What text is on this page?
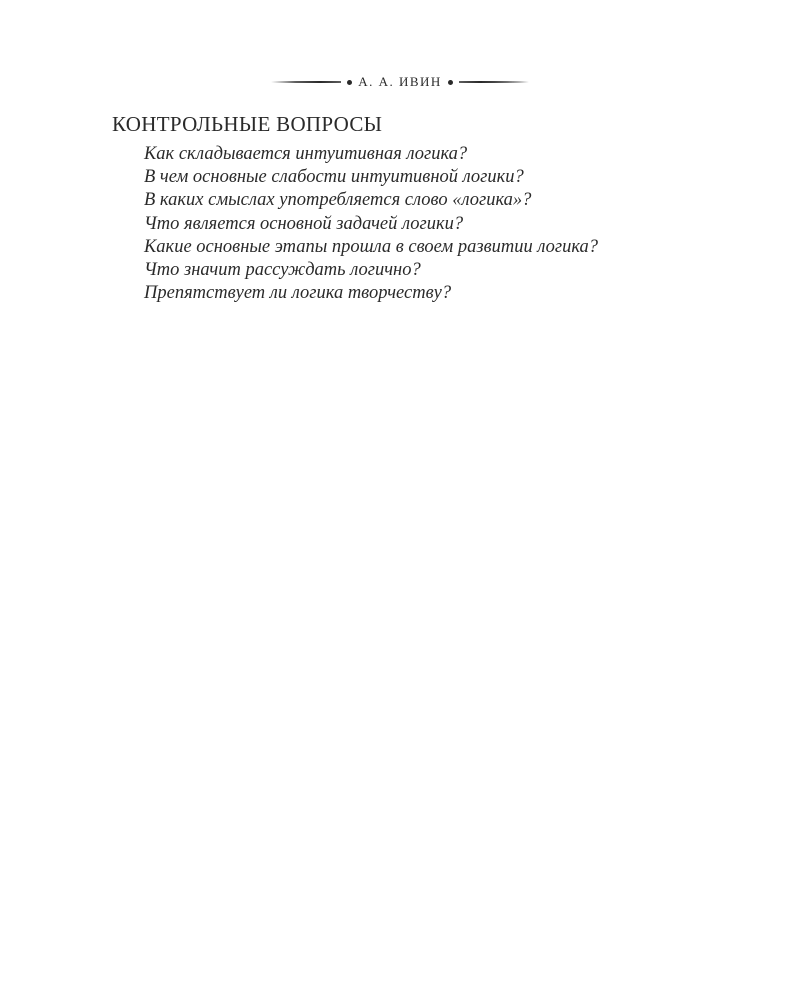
А. А. ИВИН
КОНТРОЛЬНЫЕ ВОПРОСЫ
Как складывается интуитивная логика?
В чем основные слабости интуитивной логики?
В каких смыслах употребляется слово «логика»?
Что является основной задачей логики?
Какие основные этапы прошла в своем развитии логика?
Что значит рассуждать логично?
Препятствует ли логика творчеству?
